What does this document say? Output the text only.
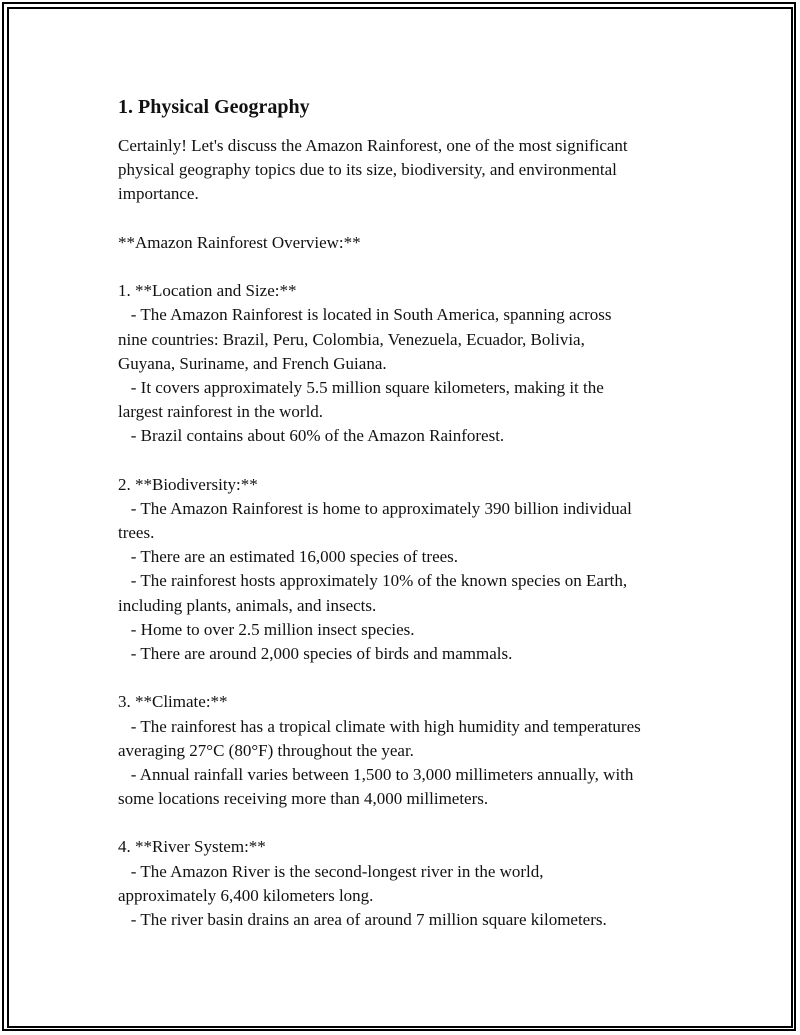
1. Physical Geography

Certainly! Let's discuss the Amazon Rainforest, one of the most significant

physical geography topics due to its size, biodiversity, and environmental

importance.

**Amazon Rainforest Overview:**

1. **Location and Size:**

- The Amazon Rainforest is located in South America, spanning across

nine countries: Brazil, Peru, Colombia, Venezuela, Ecuador, Bolivia,

Guyana, Suriname, and French Guiana.

- It covers approximately 5.5 million square kilometers, making it the

largest rainforest in the world.

- Brazil contains about 60% of the Amazon Rainforest.

2. **Biodiversity:**

- The Amazon Rainforest is home to approximately 390 billion individual

trees.

- There are an estimated 16,000 species of trees.

- The rainforest hosts approximately 10% of the known species on Earth,

including plants, animals, and insects.

- Home to over 2.5 million insect species.

- There are around 2,000 species of birds and mammals.

3. **Climate:**

- The rainforest has a tropical climate with high humidity and temperatures

averaging 27°C (80°F) throughout the year.

- Annual rainfall varies between 1,500 to 3,000 millimeters annually, with

some locations receiving more than 4,000 millimeters.

4. **River System:**

- The Amazon River is the second-longest river in the world,

approximately 6,400 kilometers long.

- The river basin drains an area of around 7 million square kilometers.
